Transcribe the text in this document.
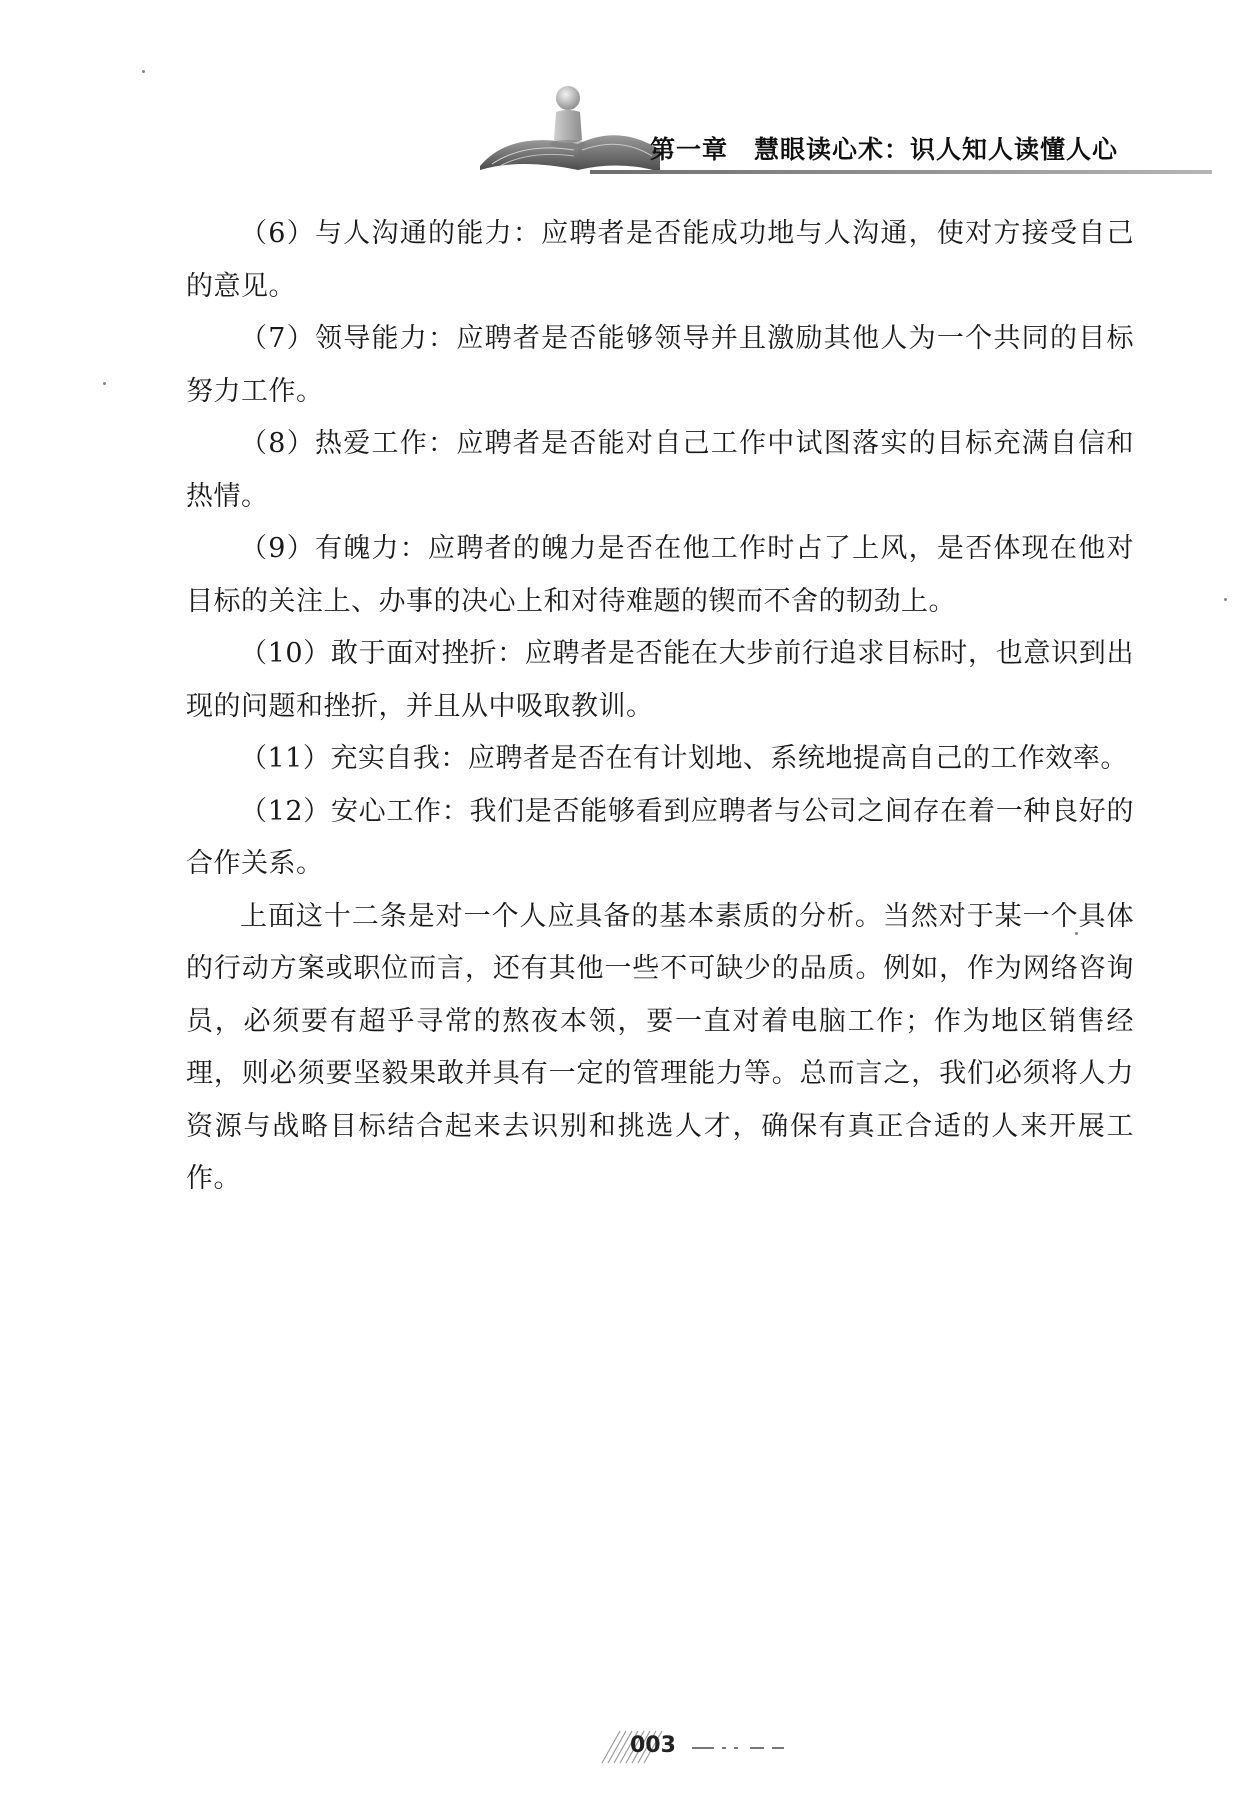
第一章　慧眼读心术：识人知人读懂人心

（6）与人沟通的能力：应聘者是否能成功地与人沟通，使对方接受自己的意见。

（7）领导能力：应聘者是否能够领导并且激励其他人为一个共同的目标努力工作。

（8）热爱工作：应聘者是否能对自己工作中试图落实的目标充满自信和热情。

（9）有魄力：应聘者的魄力是否在他工作时占了上风，是否体现在他对目标的关注上、办事的决心上和对待难题的锲而不舍的韧劲上。

（10）敢于面对挫折：应聘者是否能在大步前行追求目标时，也意识到出现的问题和挫折，并且从中吸取教训。

（11）充实自我：应聘者是否在有计划地、系统地提高自己的工作效率。

（12）安心工作：我们是否能够看到应聘者与公司之间存在着一种良好的合作关系。

上面这十二条是对一个人应具备的基本素质的分析。当然对于某一个具体的行动方案或职位而言，还有其他一些不可缺少的品质。例如，作为网络咨询员，必须要有超乎寻常的熬夜本领，要一直对着电脑工作；作为地区销售经理，则必须要坚毅果敢并具有一定的管理能力等。总而言之，我们必须将人力资源与战略目标结合起来去识别和挑选人才，确保有真正合适的人来开展工作。

003
